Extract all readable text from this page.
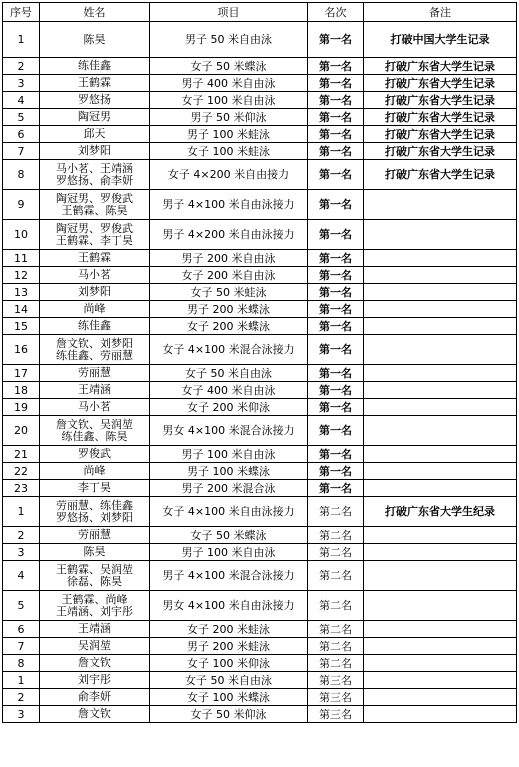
序号	姓名	项目	名次	备注
1	陈昊	男子 50 米自由泳	第一名	打破中国大学生记录
2	练佳鑫	女子 50 米蝶泳	第一名	打破广东省大学生记录
3	王鹤霖	男子 400 米自由泳	第一名	打破广东省大学生记录
4	罗悠扬	女子 100 米自由泳	第一名	打破广东省大学生记录
5	陶冠男	男子 50 米仰泳	第一名	打破广东省大学生记录
6	邱天	男子 100 米蛙泳	第一名	打破广东省大学生记录
7	刘梦阳	女子 100 米蛙泳	第一名	打破广东省大学生记录
8	马小茗、王靖涵
罗悠扬、俞李妍	女子 4×200 米自由接力	第一名	打破广东省大学生记录
9	陶冠男、罗俊武
王鹤霖、陈昊	男子 4×100 米自由泳接力	第一名	
10	陶冠男、罗俊武
王鹤霖、李丁昊	男子 4×200 米自由泳接力	第一名	
11	王鹤霖	男子 200 米自由泳	第一名	
12	马小茗	女子 200 米自由泳	第一名	
13	刘梦阳	女子 50 米蛙泳	第一名	
14	尚峰	男子 200 米蝶泳	第一名	
15	练佳鑫	女子 200 米蝶泳	第一名	
16	詹文钦、刘梦阳
练佳鑫、劳丽慧	女子 4×100 米混合泳接力	第一名	
17	劳丽慧	女子 50 米自由泳	第一名	
18	王靖涵	女子 400 米自由泳	第一名	
19	马小茗	女子 200 米仰泳	第一名	
20	詹文钦、吴润堃
练佳鑫、陈昊	男女 4×100 米混合泳接力	第一名	
21	罗俊武	男子 100 米自由泳	第一名	
22	尚峰	男子 100 米蝶泳	第一名	
23	李丁昊	男子 200 米混合泳	第一名	
1	劳丽慧、练佳鑫
罗悠扬、刘梦阳	女子 4×100 米自由泳接力	第二名	打破广东省大学生纪录
2	劳丽慧	女子 50 米蝶泳	第二名	
3	陈昊	男子 100 米自由泳	第二名	
4	王鹤霖、吴润堃
徐磊、陈昊	男子 4×100 米混合泳接力	第二名	
5	王鹤霖、尚峰
王靖涵、刘宇彤	男女 4×100 米自由泳接力	第二名	
6	王靖涵	女子 200 米蛙泳	第二名	
7	吴润堃	男子 200 米蛙泳	第二名	
8	詹文钦	女子 100 米仰泳	第二名	
1	刘宇彤	女子 50 米自由泳	第三名	
2	俞李妍	女子 100 米蝶泳	第三名	
3	詹文钦	女子 50 米仰泳	第三名	
